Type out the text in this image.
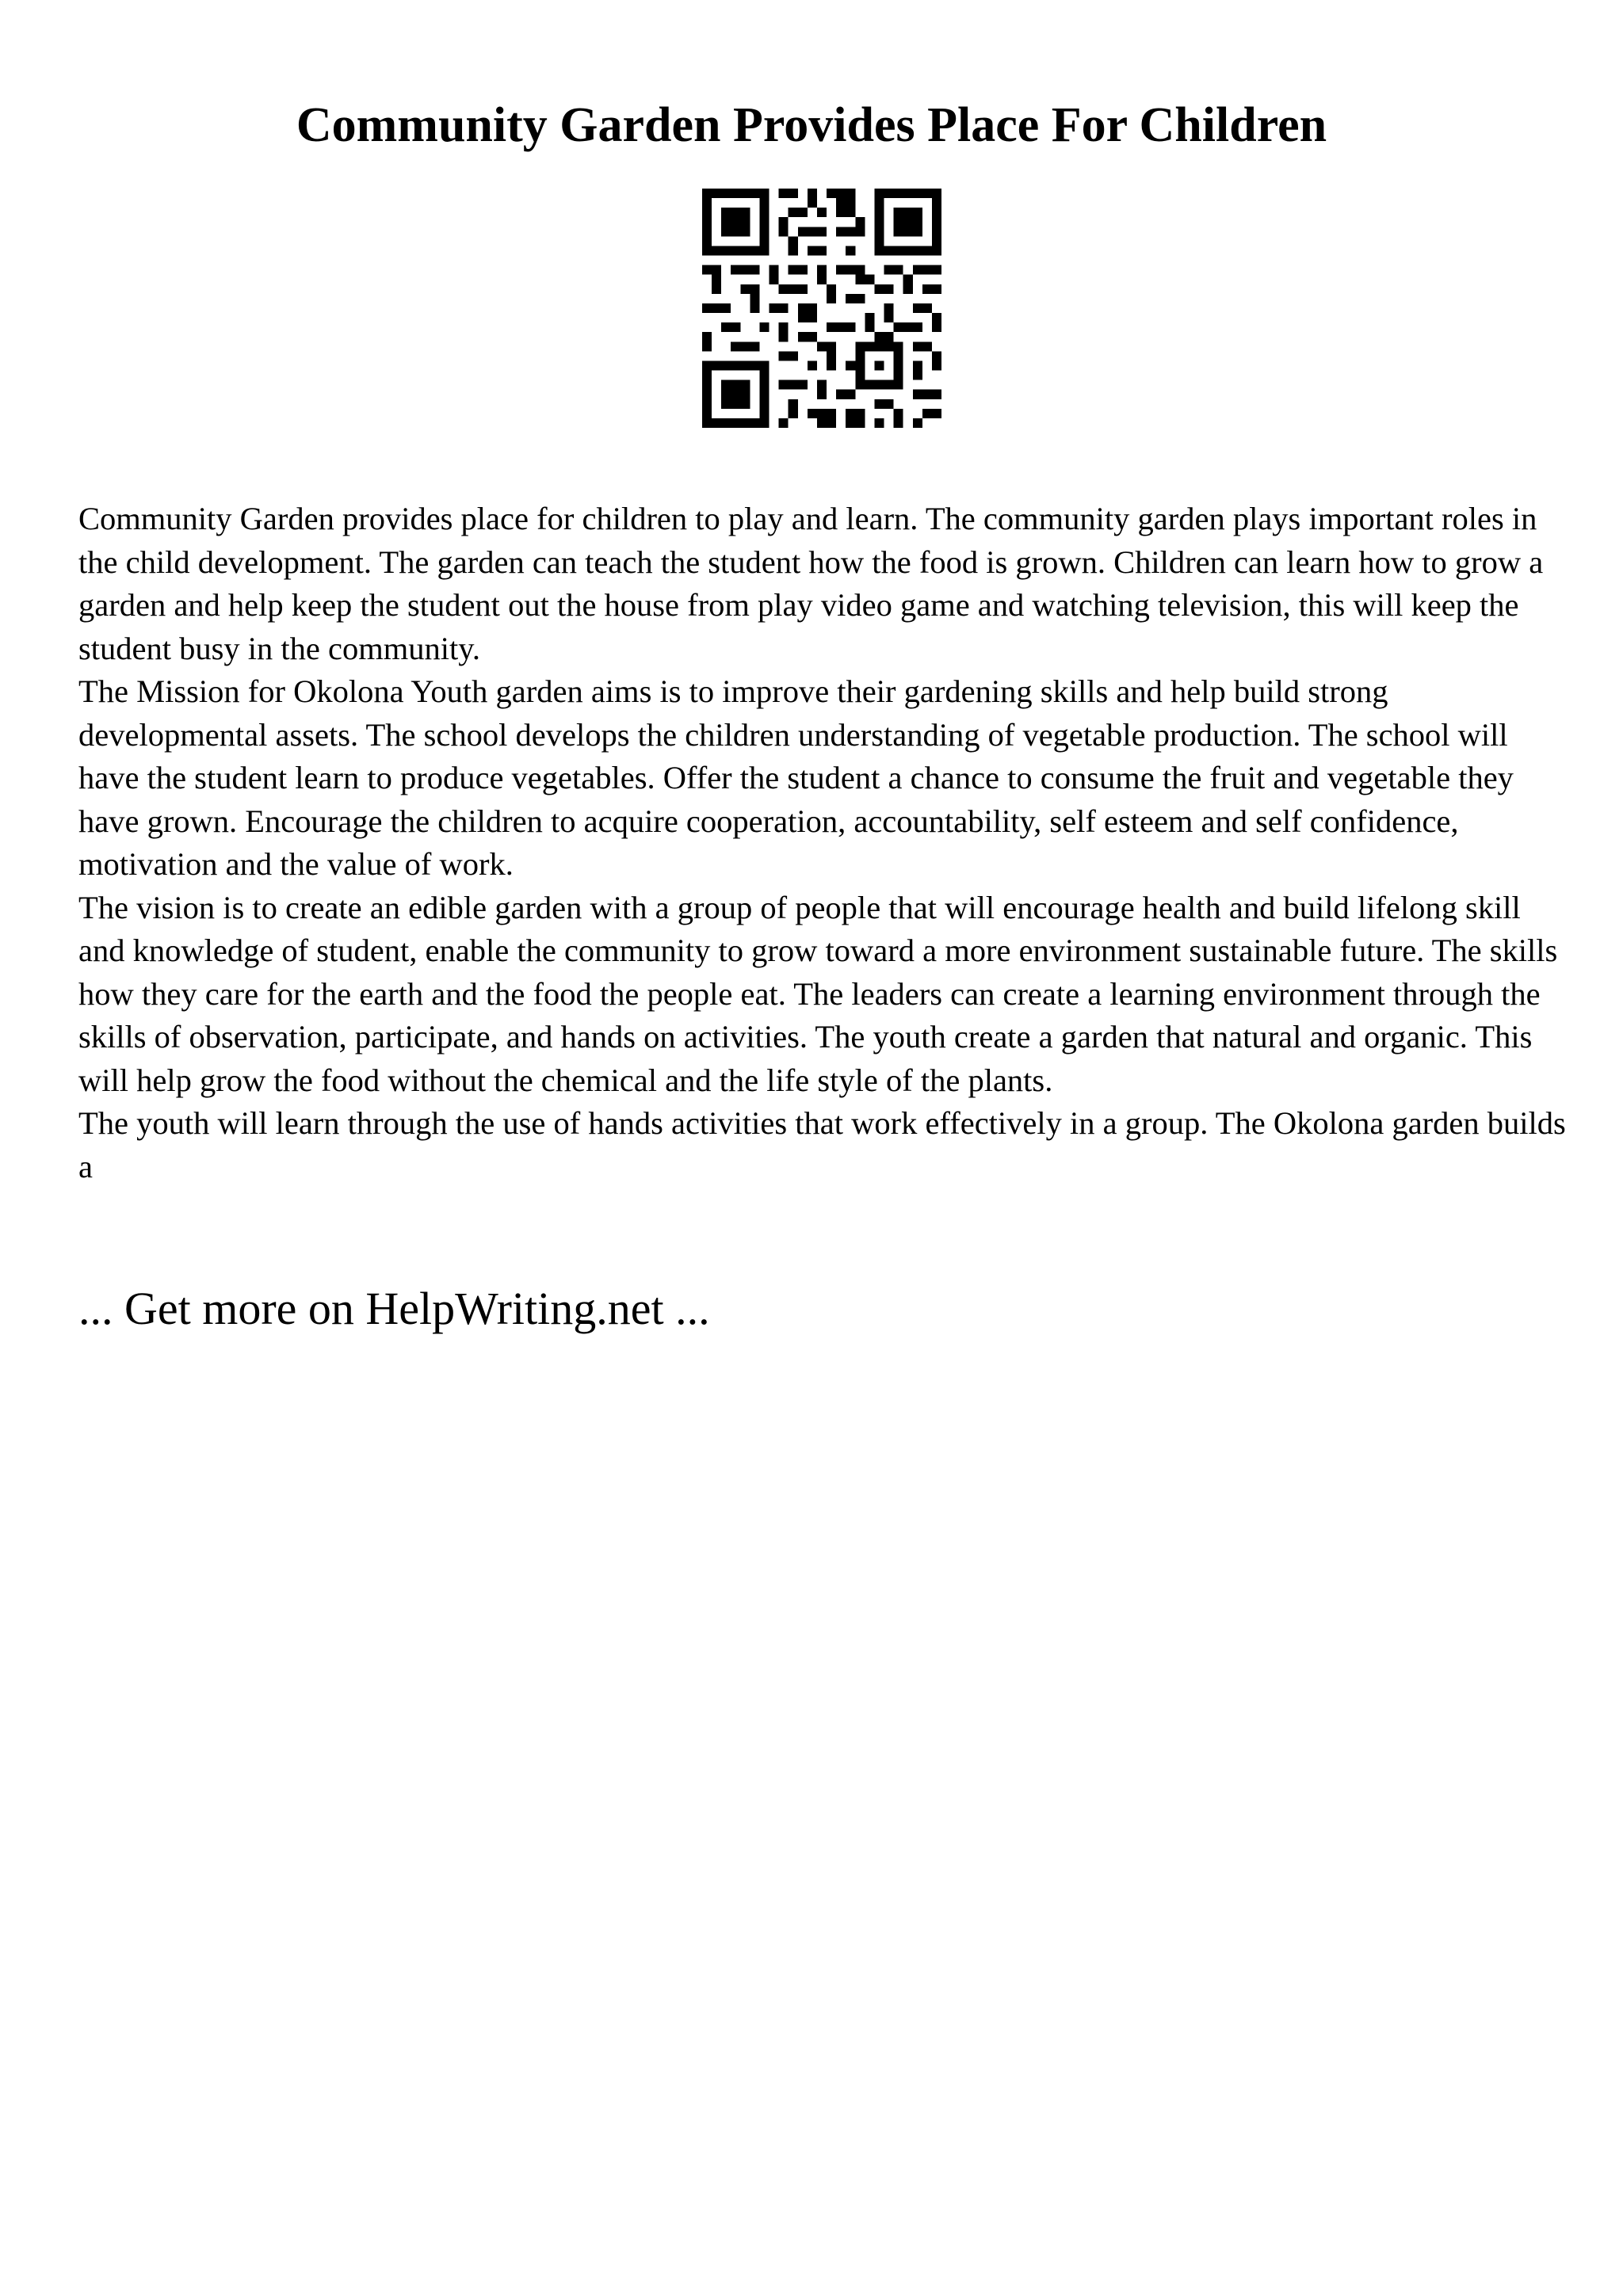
Community Garden Provides Place For Children

Community Garden provides place for children to play and learn. The community garden plays important roles in the child development. The garden can teach the student how the food is grown. Children can learn how to grow a garden and help keep the student out the house from play video game and watching television, this will keep the student busy in the community.

The Mission for Okolona Youth garden aims is to improve their gardening skills and help build strong developmental assets. The school develops the children understanding of vegetable production. The school will have the student learn to produce vegetables. Offer the student a chance to consume the fruit and vegetable they have grown. Encourage the children to acquire cooperation, accountability, self esteem and self confidence, motivation and the value of work.

The vision is to create an edible garden with a group of people that will encourage health and build lifelong skill and knowledge of student, enable the community to grow toward a more environment sustainable future. The skills how they care for the earth and the food the people eat. The leaders can create a learning environment through the skills of observation, participate, and hands on activities. The youth create a garden that natural and organic. This will help grow the food without the chemical and the life style of the plants.

The youth will learn through the use of hands activities that work effectively in a group. The Okolona garden builds a

... Get more on HelpWriting.net ...
